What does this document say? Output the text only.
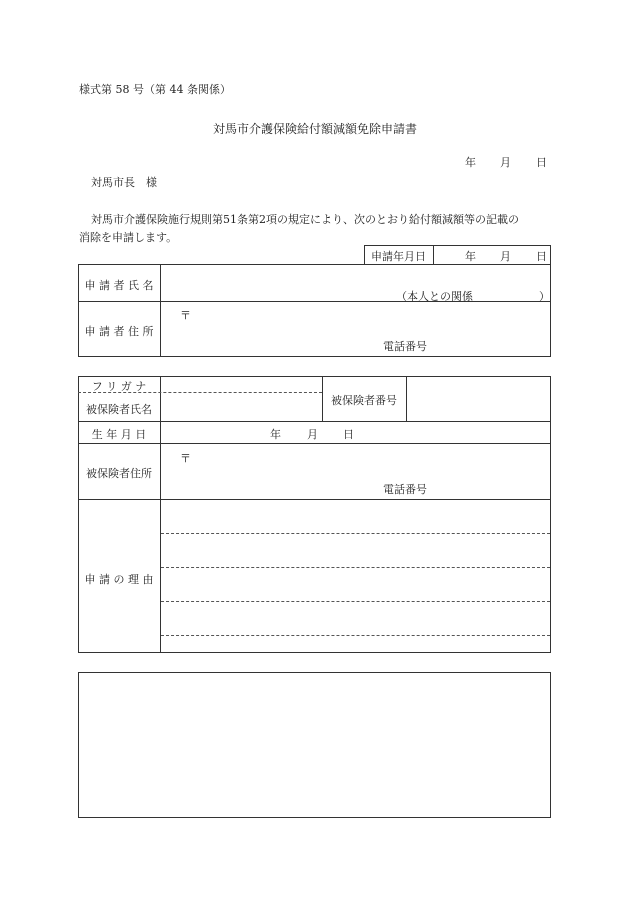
様式第 58 号（第 44 条関係）
対馬市介護保険給付額減額免除申請書
年 月 日
対馬市長　様
対馬市介護保険施行規則第51条第2項の規定により、次のとおり給付額減額等の記載の
消除を申請します。
申請年月日	年 月 日
申 請 者 氏 名
（本人との関係　　　　　　）
申 請 者 住 所
〒
電話番号
フ リ ガ ナ
被保険者氏名
被保険者番号
生 年 月 日	年 月 日
被保険者住所
〒
電話番号
申 請 の 理 由
